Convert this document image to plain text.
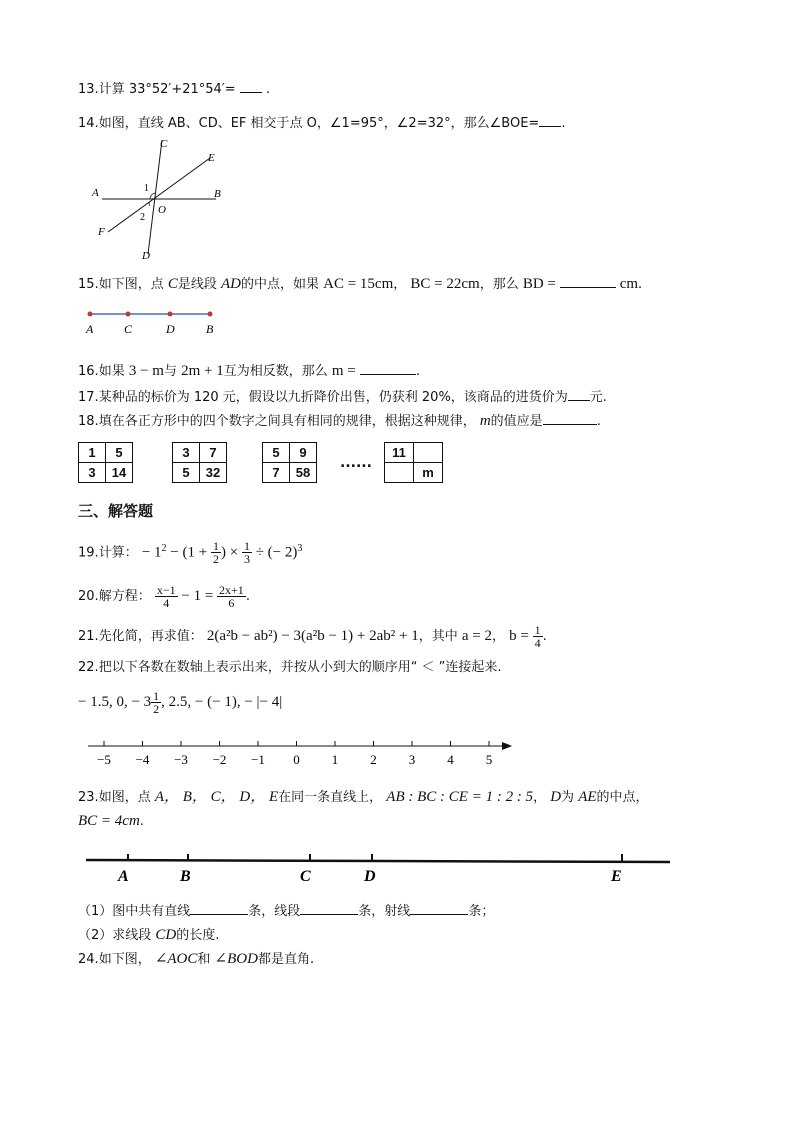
13.计算 33°52′+21°54′=  .
14.如图，直线 AB、CD、EF 相交于点 O，∠1=95°，∠2=32°，那么∠BOE= .
A	B
C
D
E
F
O
1
2
15.如下图，点 C是线段 AD的中点，如果 AC = 15cm， BC = 22cm，那么 BD =	cm.
A	C	D	B
16.如果 3 − m与 2m + 1互为相反数，那么 m =	.
17.某种品的标价为 120 元，假设以九折降价出售，仍获利 20%，该商品的进货价为 元.
18.填在各正方形中的四个数字之间具有相同的规律，根据这种规律， m的值应是	.
1	5
3	14
3	7
5	32
5	9
7	58
......
11	
	m
三、解答题
19.计算： − $1^2 - (1 + \frac{1}{2}$ ) × $\frac{1}{3}$ ÷ (− 2)$^3$
20.解方程： $\frac{x-1}{4} - 1 = \frac{2x+1}{6}$ .
21.先化简，再求值： 2(a²b − ab²) − 3(a²b − 1) + 2ab² + 1，其中 a = 2， $b = \frac{1}{4}$ .
22.把以下各数在数轴上表示出来，并按从小到大的顺序用“ ＜ ”连接起来.
− 1.5, 0, − $3 \frac{1}{2}$ , 2.5, − (− 1), − |− 4|
−5 −4 −3 −2 −1 0 1 2 3 4 5
23.如图，点 A， B， C， D， E在同一条直线上， AB : BC : CE = 1 : 2 : 5， D为 AE的中点，
BC = 4cm.
A	B	C	D	E
（1）图中共有直线	条，线段	条，射线	条；
（2）求线段 CD的长度.
24.如下图， ∠AOC和 ∠BOD都是直角.
